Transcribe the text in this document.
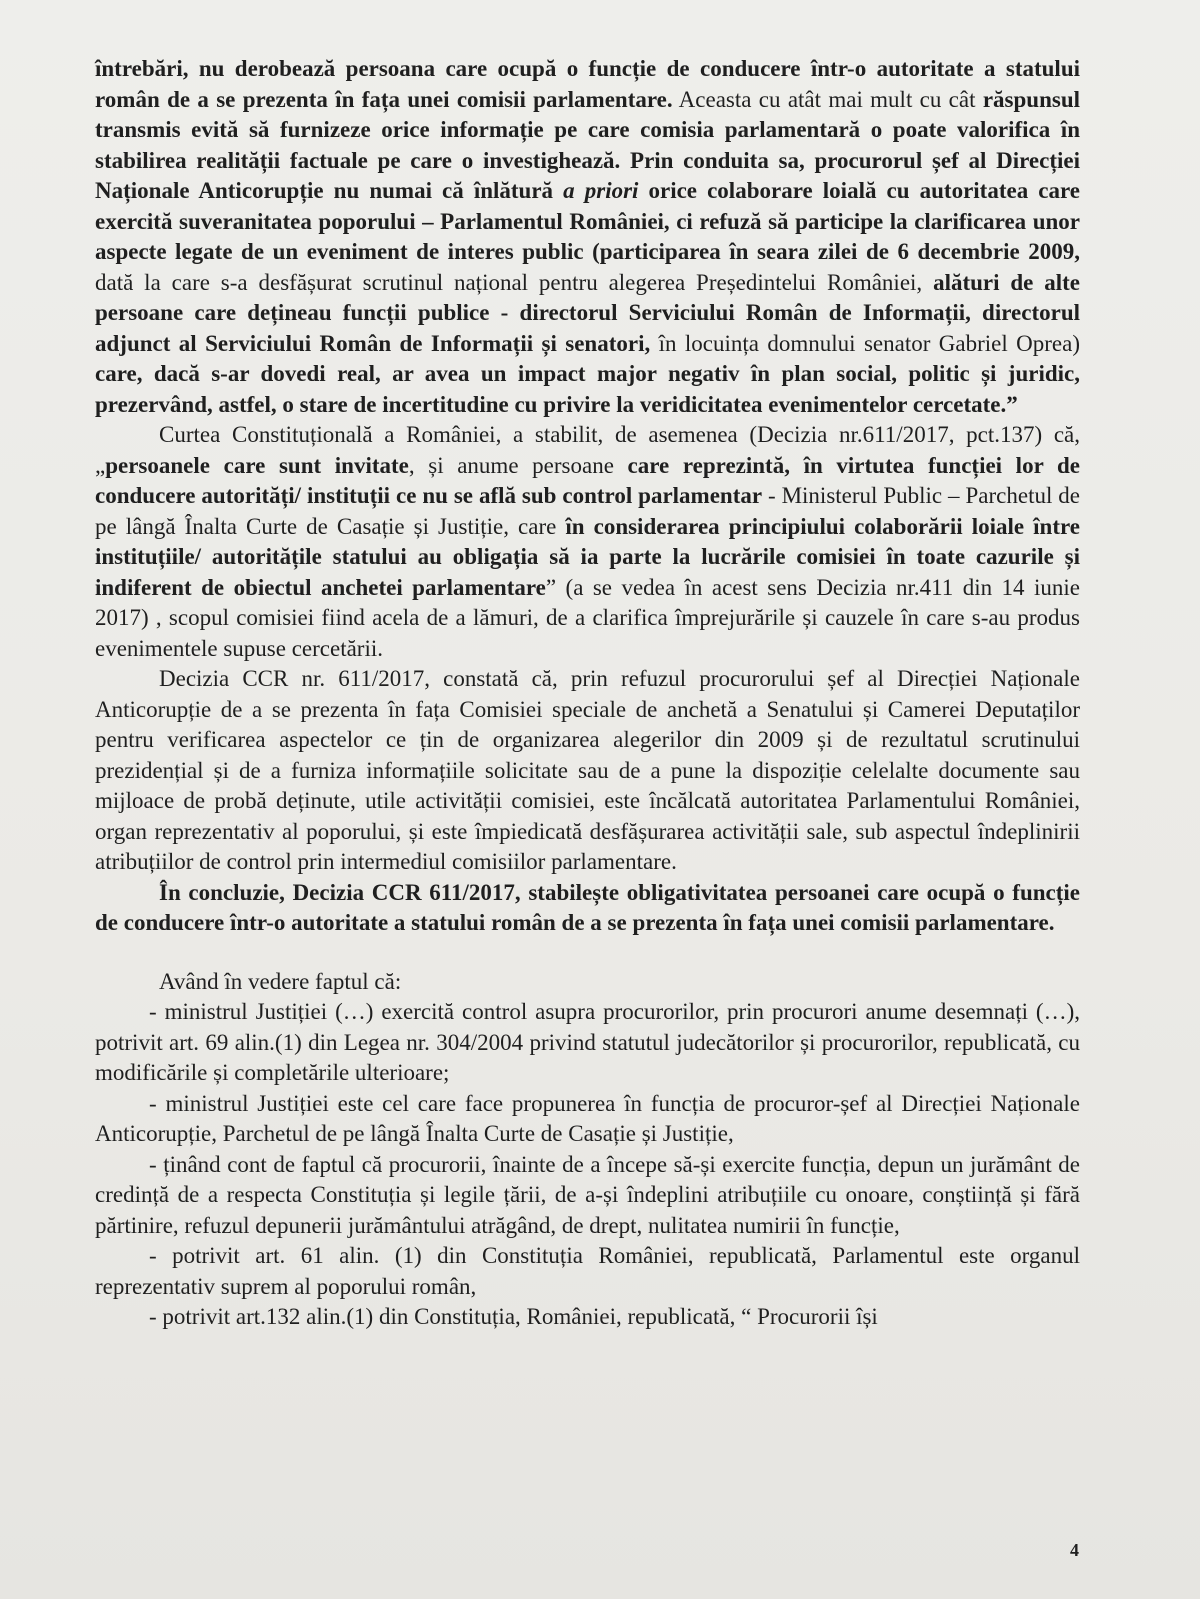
întrebări, nu derobează persoana care ocupă o funcție de conducere într-o autoritate a statului român de a se prezenta în fața unei comisii parlamentare. Aceasta cu atât mai mult cu cât răspunsul transmis evită să furnizeze orice informație pe care comisia parlamentară o poate valorifica în stabilirea realității factuale pe care o investighează. Prin conduita sa, procurorul șef al Direcției Naționale Anticorupție nu numai că înlătură a priori orice colaborare loială cu autoritatea care exercită suveranitatea poporului – Parlamentul României, ci refuză să participe la clarificarea unor aspecte legate de un eveniment de interes public (participarea în seara zilei de 6 decembrie 2009, dată la care s-a desfășurat scrutinul național pentru alegerea Președintelui României, alături de alte persoane care dețineau funcții publice - directorul Serviciului Român de Informații, directorul adjunct al Serviciului Român de Informații și senatori, în locuința domnului senator Gabriel Oprea) care, dacă s-ar dovedi real, ar avea un impact major negativ în plan social, politic și juridic, prezervând, astfel, o stare de incertitudine cu privire la veridicitatea evenimentelor cercetate.”

Curtea Constituțională a României, a stabilit, de asemenea (Decizia nr.611/2017, pct.137) că, „persoanele care sunt invitate, și anume persoane care reprezintă, în virtutea funcției lor de conducere autorități/ instituții ce nu se află sub control parlamentar - Ministerul Public – Parchetul de pe lângă Înalta Curte de Casație și Justiție, care în considerarea principiului colaborării loiale între instituțiile/ autoritățile statului au obligația să ia parte la lucrările comisiei în toate cazurile și indiferent de obiectul anchetei parlamentare” (a se vedea în acest sens Decizia nr.411 din 14 iunie 2017) , scopul comisiei fiind acela de a lămuri, de a clarifica împrejurările și cauzele în care s-au produs evenimentele supuse cercetării.

Decizia CCR nr. 611/2017, constată că, prin refuzul procurorului șef al Direcției Naționale Anticorupție de a se prezenta în fața Comisiei speciale de anchetă a Senatului și Camerei Deputaților pentru verificarea aspectelor ce țin de organizarea alegerilor din 2009 și de rezultatul scrutinului prezidențial și de a furniza informațiile solicitate sau de a pune la dispoziție celelalte documente sau mijloace de probă deținute, utile activității comisiei, este încălcată autoritatea Parlamentului României, organ reprezentativ al poporului, și este împiedicată desfășurarea activității sale, sub aspectul îndeplinirii atribuțiilor de control prin intermediul comisiilor parlamentare.

În concluzie, Decizia CCR 611/2017, stabilește obligativitatea persoanei care ocupă o funcție de conducere într-o autoritate a statului român de a se prezenta în fața unei comisii parlamentare.

Având în vedere faptul că:

- ministrul Justiției (…) exercită control asupra procurorilor, prin procurori anume desemnați (…), potrivit art. 69 alin.(1) din Legea nr. 304/2004 privind statutul judecătorilor și procurorilor, republicată, cu modificările și completările ulterioare;

- ministrul Justiției este cel care face propunerea în funcția de procuror-șef al Direcției Naționale Anticorupție, Parchetul de pe lângă Înalta Curte de Casație și Justiție,

- ținând cont de faptul că procurorii, înainte de a începe să-și exercite funcția, depun un jurământ de credință de a respecta Constituția și legile țării, de a-și îndeplini atribuțiile cu onoare, conștiință și fără părtinire, refuzul depunerii jurământului atrăgând, de drept, nulitatea numirii în funcție,

- potrivit art. 61 alin. (1) din Constituția României, republicată, Parlamentul este organul reprezentativ suprem al poporului român,

- potrivit art.132 alin.(1) din Constituția, României, republicată, “ Procurorii își

4
